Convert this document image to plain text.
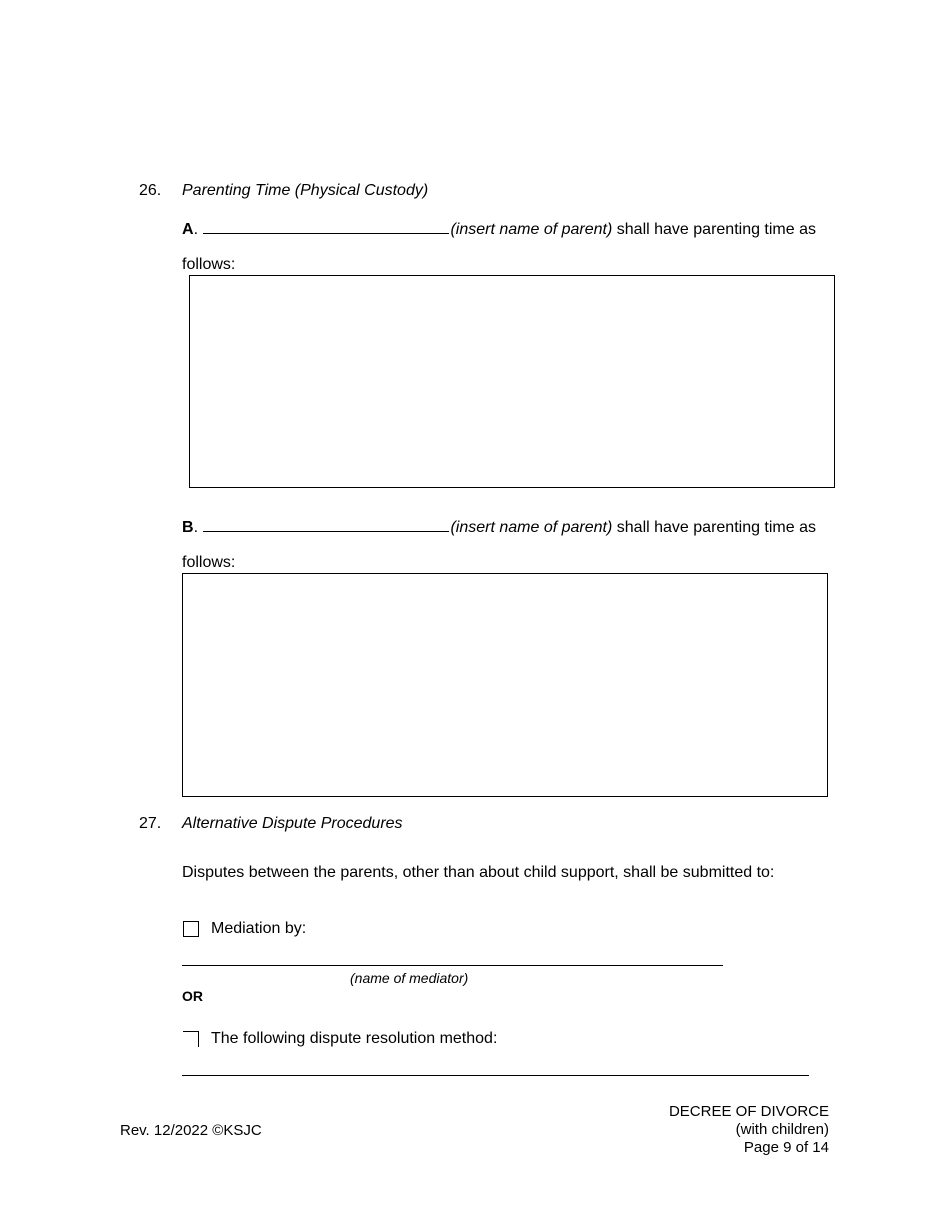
26. Parenting Time (Physical Custody)
A.	(insert name of parent) shall have parenting time as
follows:
B.	(insert name of parent) shall have parenting time as
follows:
27. Alternative Dispute Procedures
Disputes between the parents, other than about child support, shall be submitted to:
Mediation by:
(name of mediator)
OR
The following dispute resolution method:
Rev. 12/2022 ©KSJC
DECREE OF DIVORCE
(with children)
Page 9 of 14
